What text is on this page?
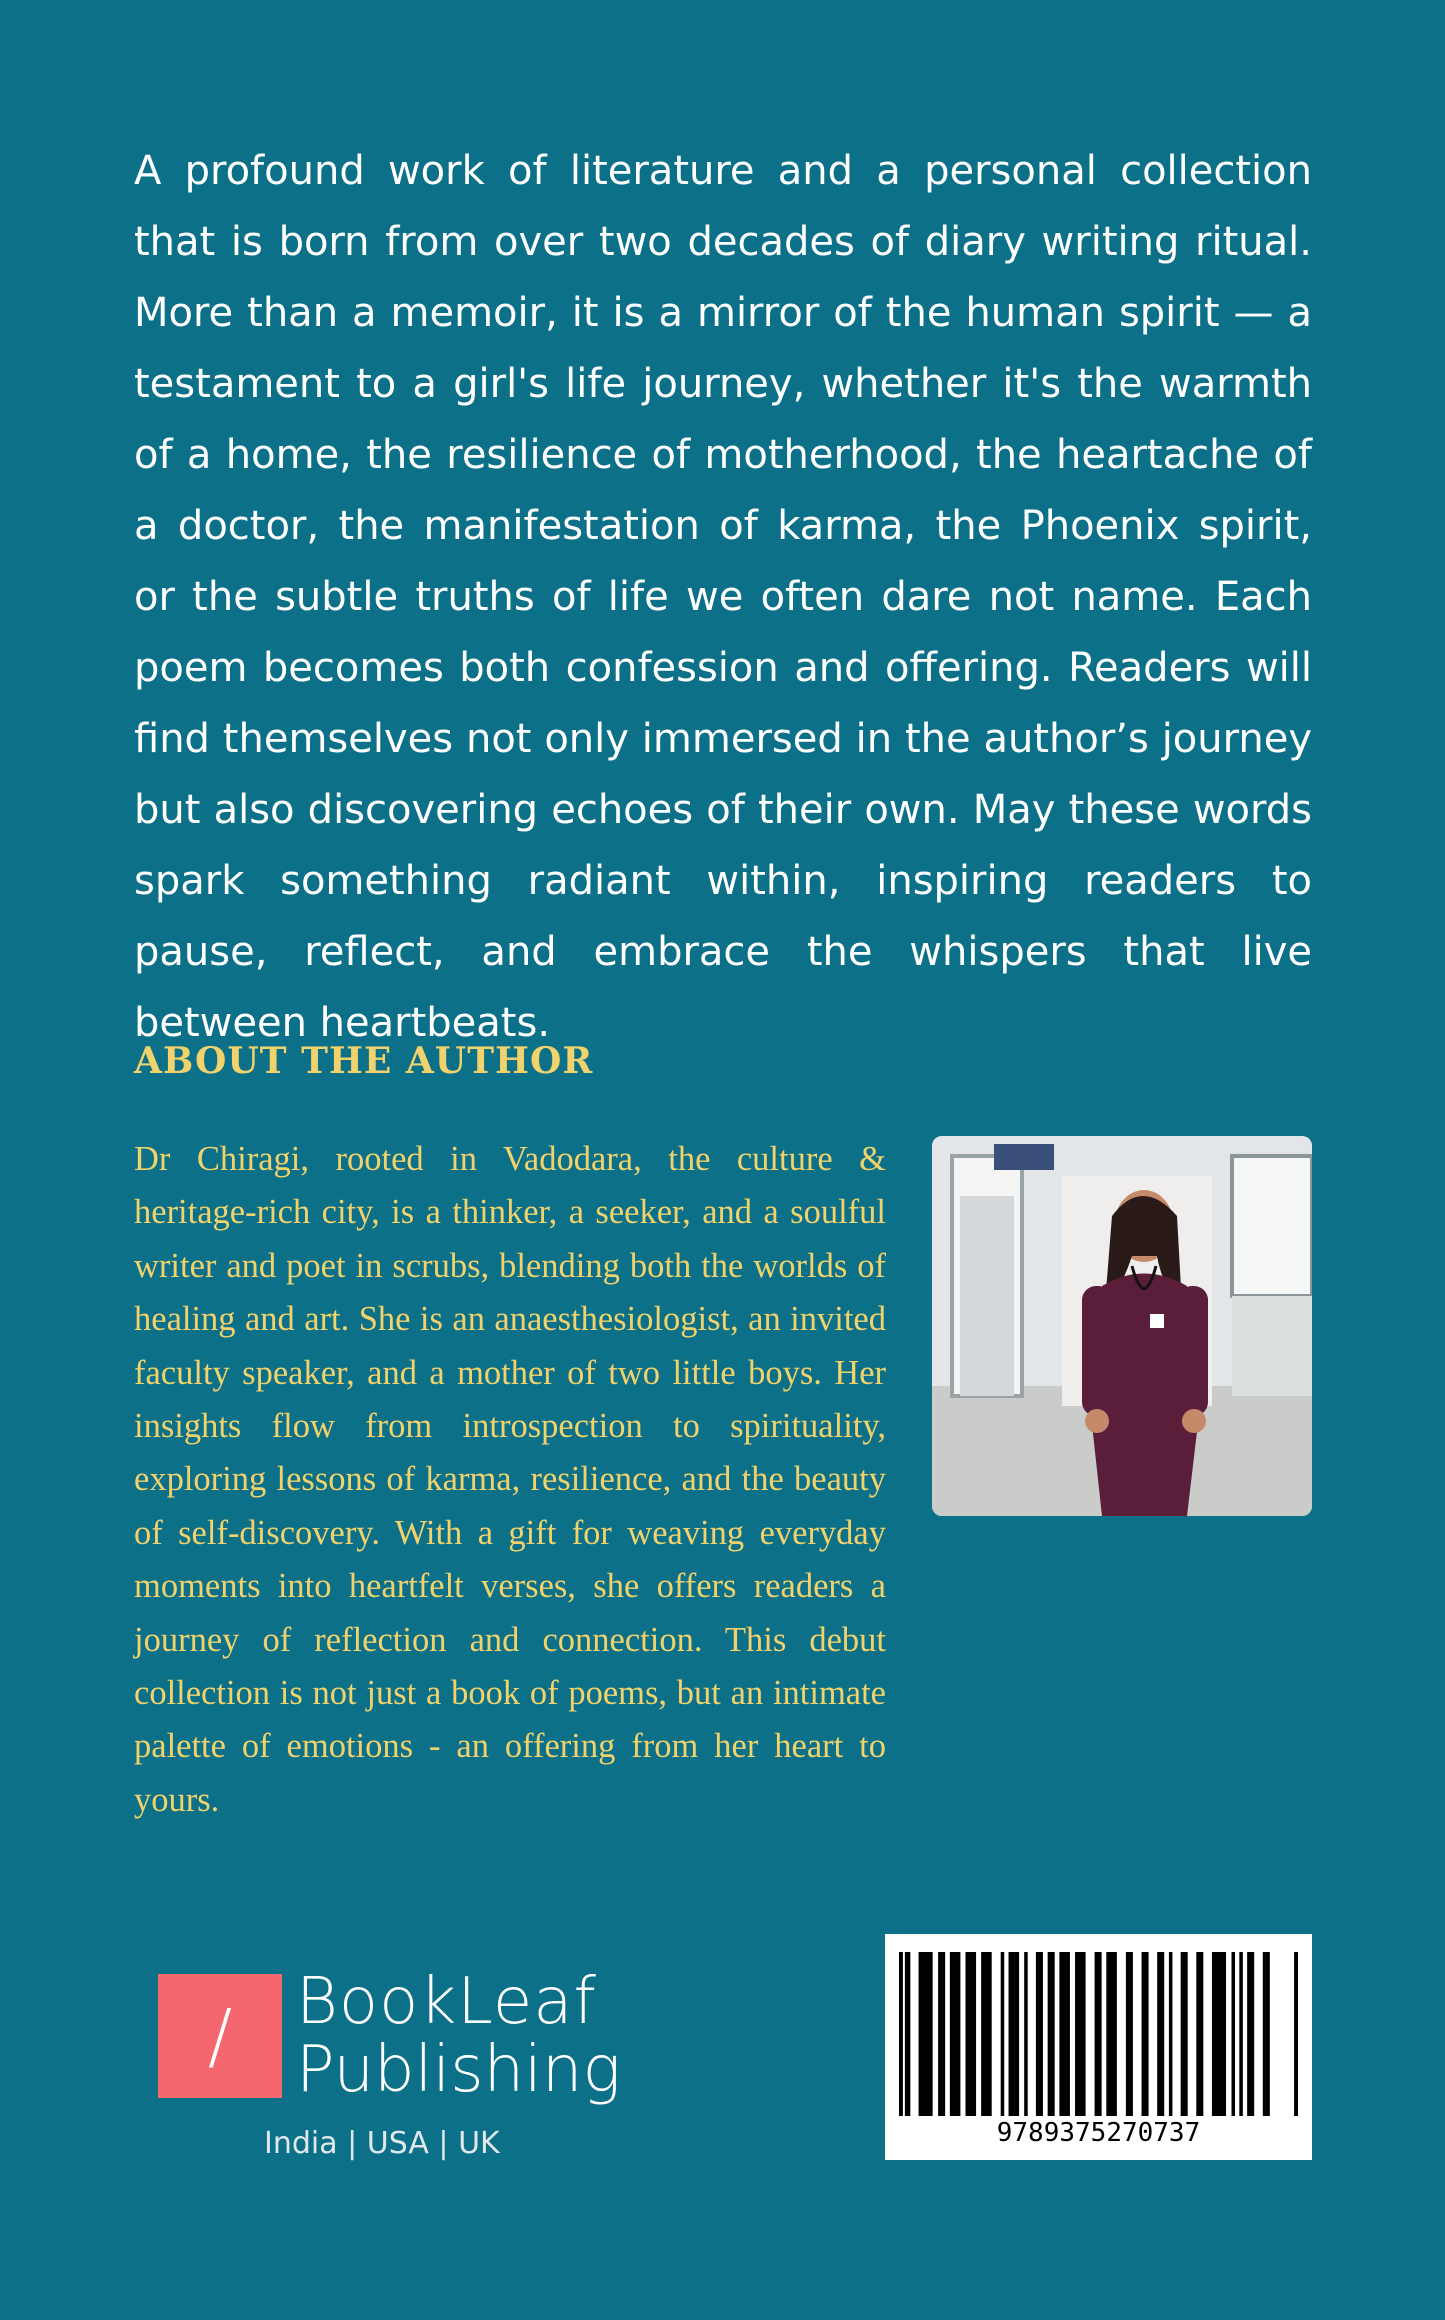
A profound work of literature and a personal collection that is born from over two decades of diary writing ritual. More than a memoir, it is a mirror of the human spirit — a testament to a girl's life journey, whether it's the warmth of a home, the resilience of motherhood, the heartache of a doctor, the manifestation of karma, the Phoenix spirit, or the subtle truths of life we often dare not name. Each poem becomes both confession and offering. Readers will find themselves not only immersed in the author’s journey but also discovering echoes of their own. May these words spark something radiant within, inspiring readers to pause, reflect, and embrace the whispers that live between heartbeats.

ABOUT THE AUTHOR

Dr Chiragi, rooted in Vadodara, the culture & heritage-rich city, is a thinker, a seeker, and a soulful writer and poet in scrubs, blending both the worlds of healing and art. She is an anaesthesiologist, an invited faculty speaker, and a mother of two little boys. Her insights flow from introspection to spirituality, exploring lessons of karma, resilience, and the beauty of self-discovery. With a gift for weaving everyday moments into heartfelt verses, she offers readers a journey of reflection and connection. This debut collection is not just a book of poems, but an intimate palette of emotions - an offering from her heart to yours.

/ BookLeaf
Publishing
India | USA | UK	9789375270737
